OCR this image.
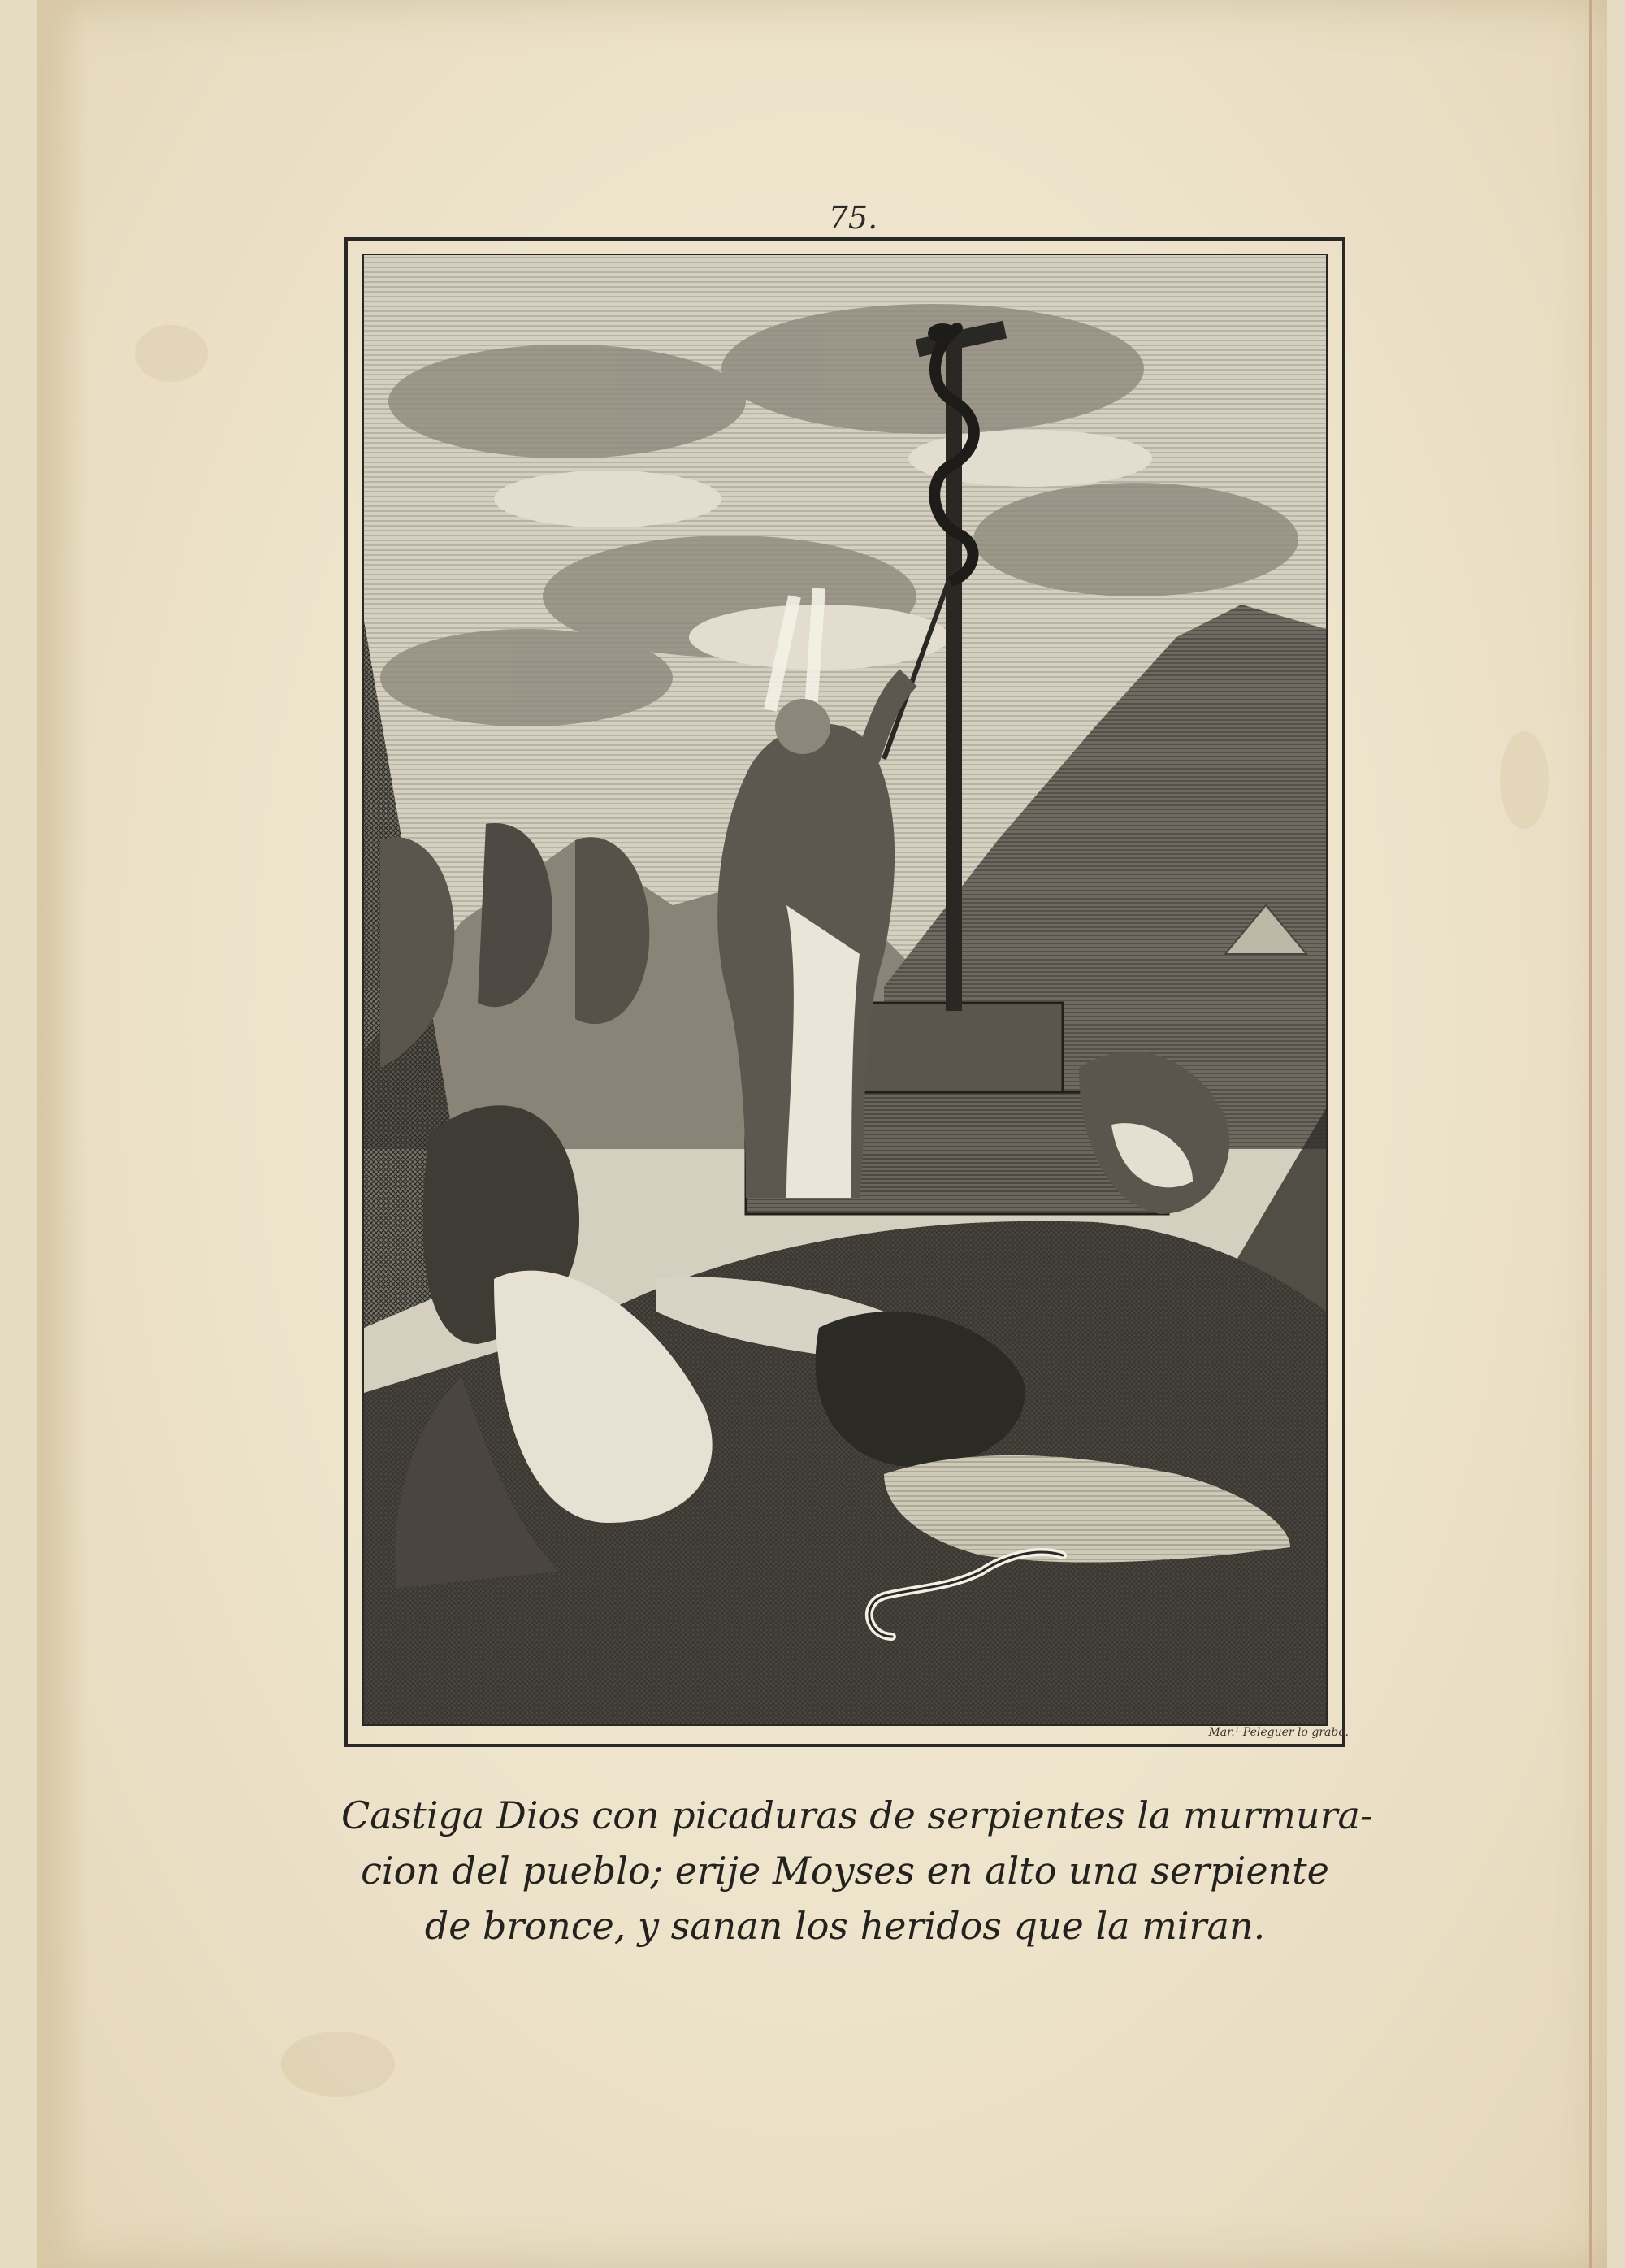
75.
Mar.¹ Peleguer lo grabó.
Castiga Dios con picaduras de serpientes la murmura-
cion del pueblo; erije Moyses en alto una serpiente
de bronce, y sanan los heridos que la miran.
